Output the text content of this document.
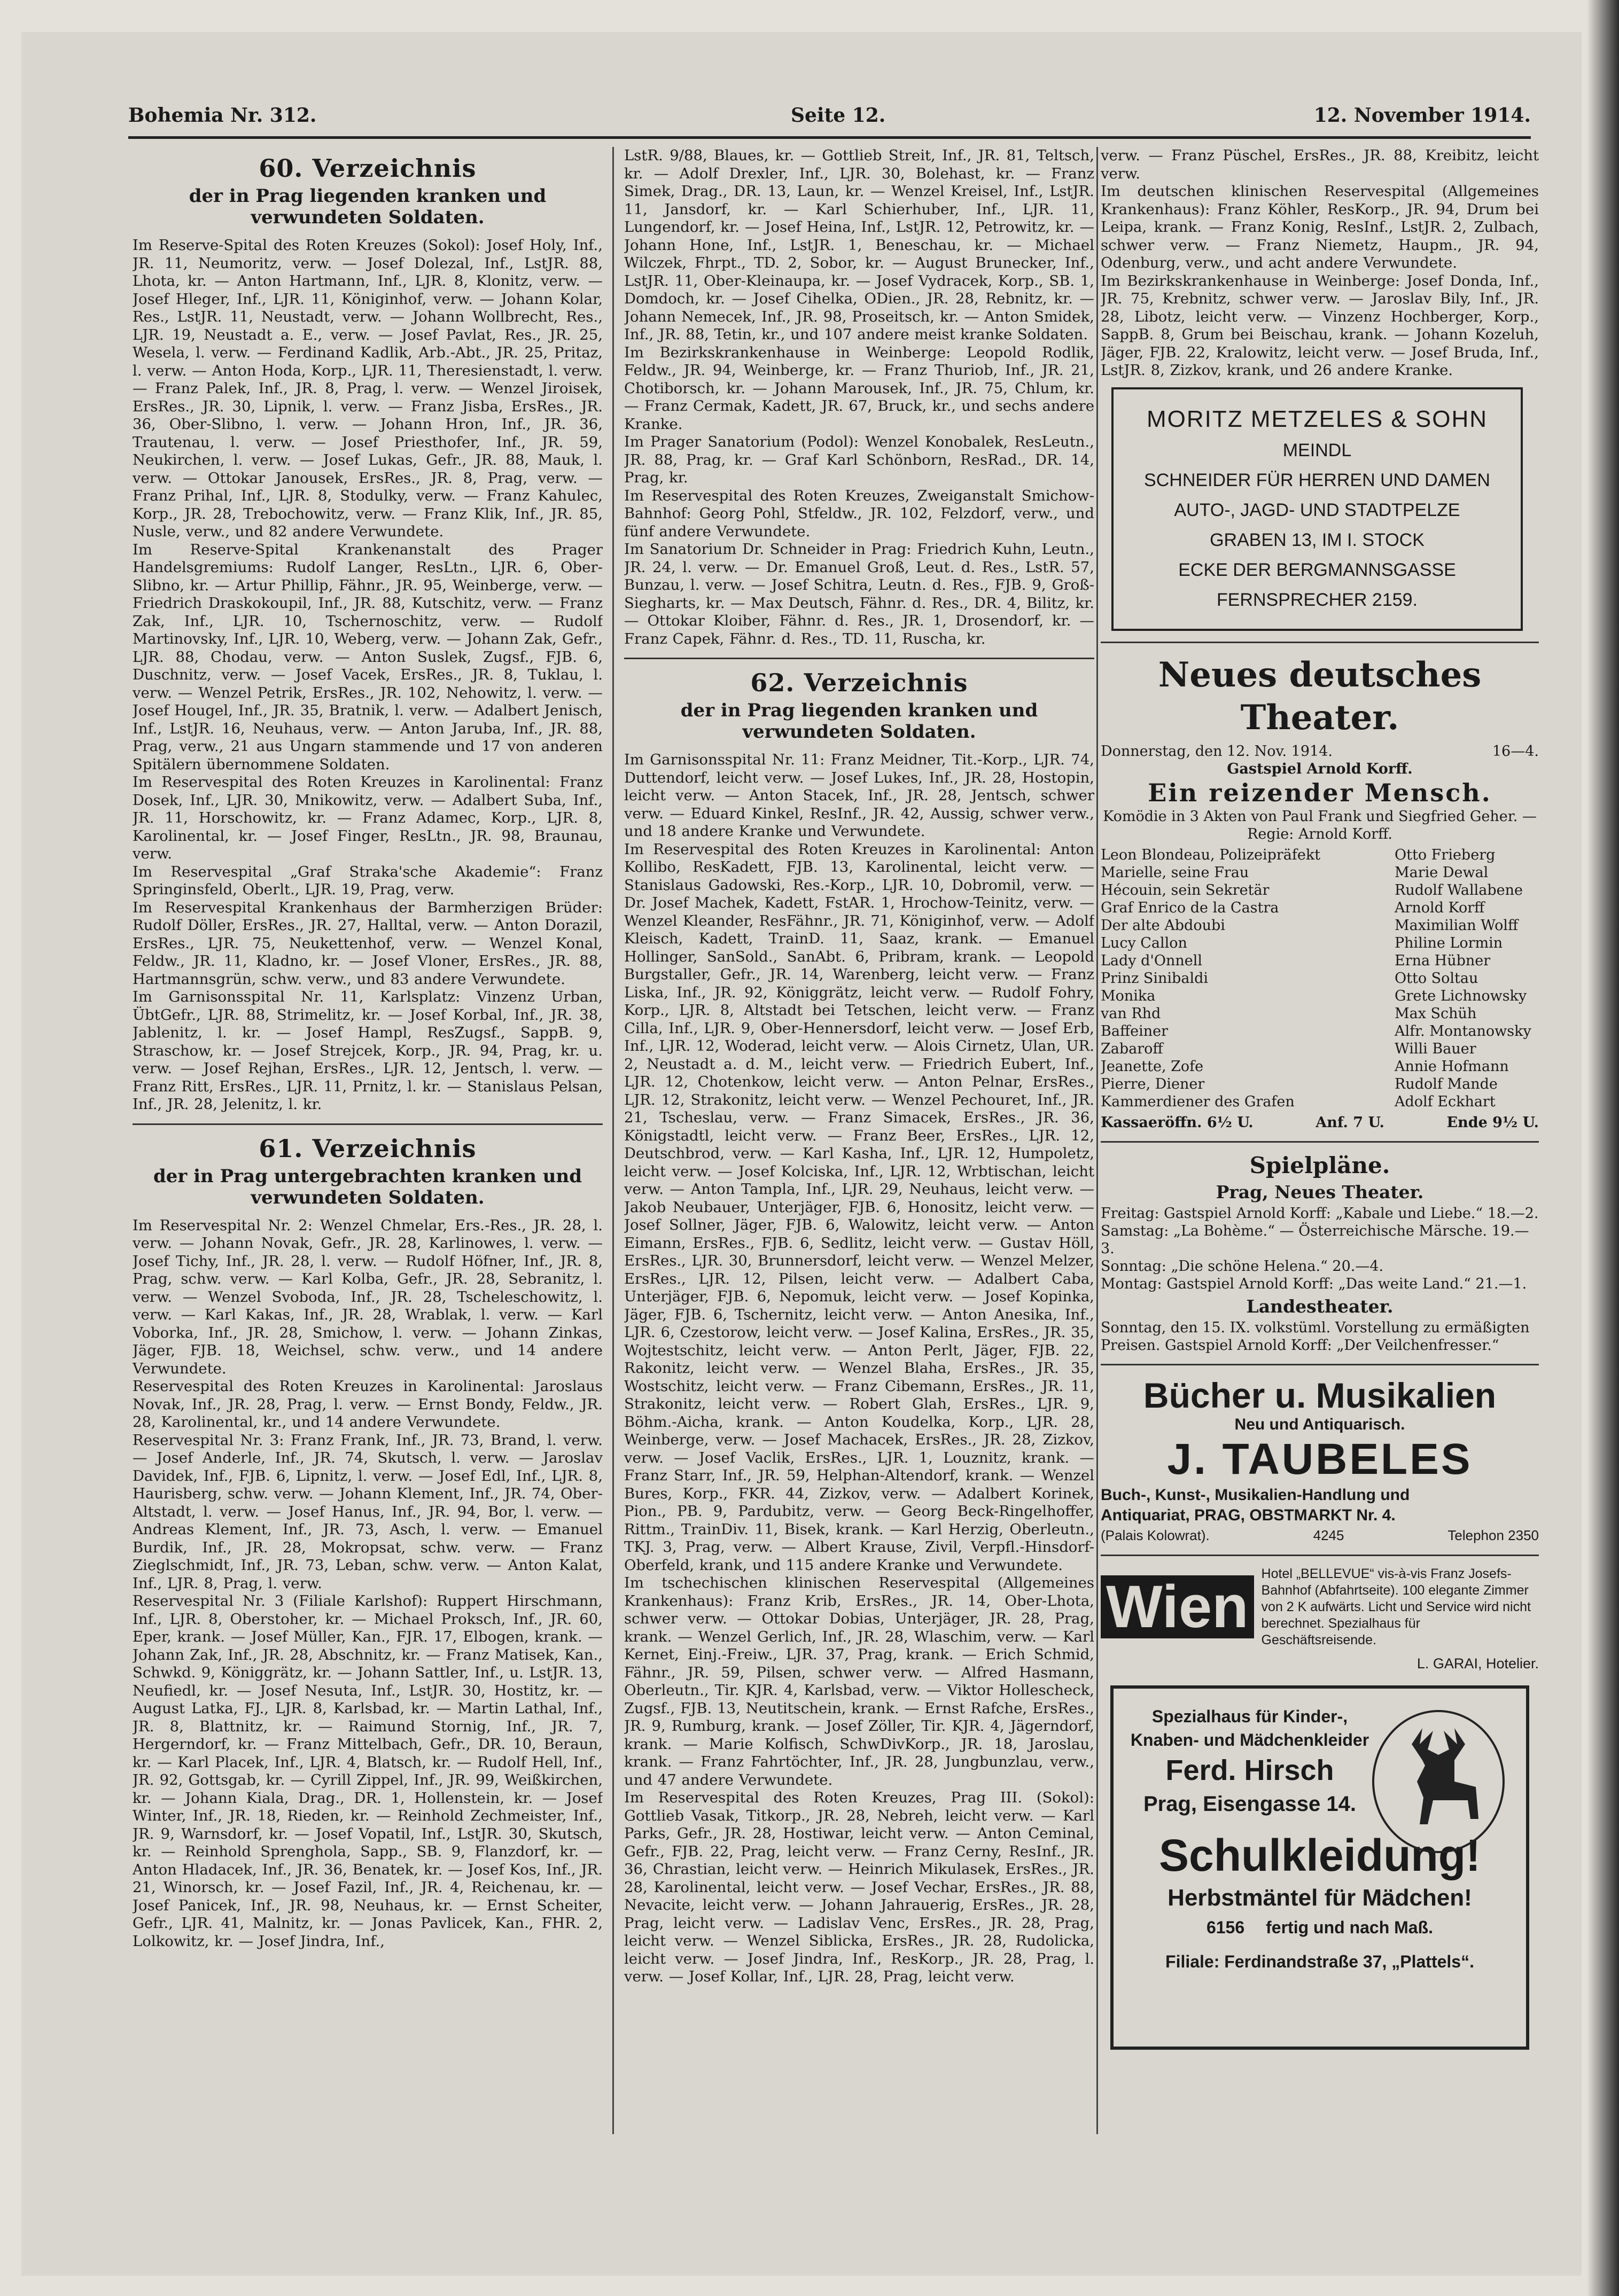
Bohemia Nr. 312.	Seite 12.	12. November 1914.
60. Verzeichnis
der in Prag liegenden kranken und verwundeten Soldaten.

Im Reserve-Spital des Roten Kreuzes (Sokol): Josef Holy, Inf., JR. 11, Neumoritz, verw. — Josef Dolezal, Inf., LstJR. 88, Lhota, kr. — Anton Hartmann, Inf., LJR. 8, Klonitz, verw. — Josef Hleger, Inf., LJR. 11, Königinhof, verw. — Johann Kolar, Res., LstJR. 11, Neustadt, verw. — Johann Wollbrecht, Res., LJR. 19, Neustadt a. E., verw. — Josef Pavlat, Res., JR. 25, Wesela, l. verw. — Ferdinand Kadlik, Arb.-Abt., JR. 25, Pritaz, l. verw. — Anton Hoda, Korp., LJR. 11, Theresienstadt, l. verw. — Franz Palek, Inf., JR. 8, Prag, l. verw. — Wenzel Jiroisek, ErsRes., JR. 30, Lipnik, l. verw. — Franz Jisba, ErsRes., JR. 36, Ober-Slibno, l. verw. — Johann Hron, Inf., JR. 36, Trautenau, l. verw. — Josef Priesthofer, Inf., JR. 59, Neukirchen, l. verw. — Josef Lukas, Gefr., JR. 88, Mauk, l. verw. — Ottokar Janousek, ErsRes., JR. 8, Prag, verw. — Franz Prihal, Inf., LJR. 8, Stodulky, verw. — Franz Kahulec, Korp., JR. 28, Trebochowitz, verw. — Franz Klik, Inf., JR. 85, Nusle, verw., und 82 andere Verwundete.

Im Reserve-Spital Krankenanstalt des Prager Handelsgremiums: Rudolf Langer, ResLtn., LJR. 6, Ober-Slibno, kr. — Artur Phillip, Fähnr., JR. 95, Weinberge, verw. — Friedrich Draskokoupil, Inf., JR. 88, Kutschitz, verw. — Franz Zak, Inf., LJR. 10, Tschernoschitz, verw. — Rudolf Martinovsky, Inf., LJR. 10, Weberg, verw. — Johann Zak, Gefr., LJR. 88, Chodau, verw. — Anton Suslek, Zugsf., FJB. 6, Duschnitz, verw. — Josef Vacek, ErsRes., JR. 8, Tuklau, l. verw. — Wenzel Petrik, ErsRes., JR. 102, Nehowitz, l. verw. — Josef Hougel, Inf., JR. 35, Bratnik, l. verw. — Adalbert Jenisch, Inf., LstJR. 16, Neuhaus, verw. — Anton Jaruba, Inf., JR. 88, Prag, verw., 21 aus Ungarn stammende und 17 von anderen Spitälern übernommene Soldaten.

Im Reservespital des Roten Kreuzes in Karolinental: Franz Dosek, Inf., LJR. 30, Mnikowitz, verw. — Adalbert Suba, Inf., JR. 11, Horschowitz, kr. — Franz Adamec, Korp., LJR. 8, Karolinental, kr. — Josef Finger, ResLtn., JR. 98, Braunau, verw.

Im Reservespital „Graf Straka'sche Akademie“: Franz Springinsfeld, Oberlt., LJR. 19, Prag, verw.

Im Reservespital Krankenhaus der Barmherzigen Brüder: Rudolf Döller, ErsRes., JR. 27, Halltal, verw. — Anton Dorazil, ErsRes., LJR. 75, Neukettenhof, verw. — Wenzel Konal, Feldw., JR. 11, Kladno, kr. — Josef Vloner, ErsRes., JR. 88, Hartmannsgrün, schw. verw., und 83 andere Verwundete.

Im Garnisonsspital Nr. 11, Karlsplatz: Vinzenz Urban, ÜbtGefr., LJR. 88, Strimelitz, kr. — Josef Korbal, Inf., JR. 38, Jablenitz, l. kr. — Josef Hampl, ResZugsf., SappB. 9, Straschow, kr. — Josef Strejcek, Korp., JR. 94, Prag, kr. u. verw. — Josef Rejhan, ErsRes., LJR. 12, Jentsch, l. verw. — Franz Ritt, ErsRes., LJR. 11, Prnitz, l. kr. — Stanislaus Pelsan, Inf., JR. 28, Jelenitz, l. kr.

61. Verzeichnis
der in Prag untergebrachten kranken und verwundeten Soldaten.

Im Reservespital Nr. 2: Wenzel Chmelar, Ers.-Res., JR. 28, l. verw. — Johann Novak, Gefr., JR. 28, Karlinowes, l. verw. — Josef Tichy, Inf., JR. 28, l. verw. — Rudolf Höfner, Inf., JR. 8, Prag, schw. verw. — Karl Kolba, Gefr., JR. 28, Sebranitz, l. verw. — Wenzel Svoboda, Inf., JR. 28, Tscheleschowitz, l. verw. — Karl Kakas, Inf., JR. 28, Wrablak, l. verw. — Karl Voborka, Inf., JR. 28, Smichow, l. verw. — Johann Zinkas, Jäger, FJB. 18, Weichsel, schw. verw., und 14 andere Verwundete.

Reservespital des Roten Kreuzes in Karolinental: Jaroslaus Novak, Inf., JR. 28, Prag, l. verw. — Ernst Bondy, Feldw., JR. 28, Karolinental, kr., und 14 andere Verwundete.

Reservespital Nr. 3: Franz Frank, Inf., JR. 73, Brand, l. verw. — Josef Anderle, Inf., JR. 74, Skutsch, l. verw. — Jaroslav Davidek, Inf., FJB. 6, Lipnitz, l. verw. — Josef Edl, Inf., LJR. 8, Haurisberg, schw. verw. — Johann Klement, Inf., JR. 74, Ober-Altstadt, l. verw. — Josef Hanus, Inf., JR. 94, Bor, l. verw. — Andreas Klement, Inf., JR. 73, Asch, l. verw. — Emanuel Burdik, Inf., JR. 28, Mokropsat, schw. verw. — Franz Zieglschmidt, Inf., JR. 73, Leban, schw. verw. — Anton Kalat, Inf., LJR. 8, Prag, l. verw.

Reservespital Nr. 3 (Filiale Karlshof): Ruppert Hirschmann, Inf., LJR. 8, Oberstoher, kr. — Michael Proksch, Inf., JR. 60, Eper, krank. — Josef Müller, Kan., FJR. 17, Elbogen, krank. — Johann Zak, Inf., JR. 28, Abschnitz, kr. — Franz Matisek, Kan., Schwkd. 9, Königgrätz, kr. — Johann Sattler, Inf., u. LstJR. 13, Neufiedl, kr. — Josef Nesuta, Inf., LstJR. 30, Hostitz, kr. — August Latka, FJ., LJR. 8, Karlsbad, kr. — Martin Lathal, Inf., JR. 8, Blattnitz, kr. — Raimund Stornig, Inf., JR. 7, Hergerndorf, kr. — Franz Mittelbach, Gefr., DR. 10, Beraun, kr. — Karl Placek, Inf., LJR. 4, Blatsch, kr. — Rudolf Hell, Inf., JR. 92, Gottsgab, kr. — Cyrill Zippel, Inf., JR. 99, Weißkirchen, kr. — Johann Kiala, Drag., DR. 1, Hollenstein, kr. — Josef Winter, Inf., JR. 18, Rieden, kr. — Reinhold Zechmeister, Inf., JR. 9, Warnsdorf, kr. — Josef Vopatil, Inf., LstJR. 30, Skutsch, kr. — Reinhold Sprenghola, Sapp., SB. 9, Flanzdorf, kr. — Anton Hladacek, Inf., JR. 36, Benatek, kr. — Josef Kos, Inf., JR. 21, Winorsch, kr. — Josef Fazil, Inf., JR. 4, Reichenau, kr. — Josef Panicek, Inf., JR. 98, Neuhaus, kr. — Ernst Scheiter, Gefr., LJR. 41, Malnitz, kr. — Jonas Pavlicek, Kan., FHR. 2, Lolkowitz, kr. — Josef Jindra, Inf.,

LstR. 9/88, Blaues, kr. — Gottlieb Streit, Inf., JR. 81, Teltsch, kr. — Adolf Drexler, Inf., LJR. 30, Bolehast, kr. — Franz Simek, Drag., DR. 13, Laun, kr. — Wenzel Kreisel, Inf., LstJR. 11, Jansdorf, kr. — Karl Schierhuber, Inf., LJR. 11, Lungendorf, kr. — Josef Heina, Inf., LstJR. 12, Petrowitz, kr. — Johann Hone, Inf., LstJR. 1, Beneschau, kr. — Michael Wilczek, Fhrpt., TD. 2, Sobor, kr. — August Brunecker, Inf., LstJR. 11, Ober-Kleinaupa, kr. — Josef Vydracek, Korp., SB. 1, Domdoch, kr. — Josef Cihelka, ODien., JR. 28, Rebnitz, kr. — Johann Nemecek, Inf., JR. 98, Proseitsch, kr. — Anton Smidek, Inf., JR. 88, Tetin, kr., und 107 andere meist kranke Soldaten.

Im Bezirkskrankenhause in Weinberge: Leopold Rodlik, Feldw., JR. 94, Weinberge, kr. — Franz Thuriob, Inf., JR. 21, Chotiborsch, kr. — Johann Marousek, Inf., JR. 75, Chlum, kr. — Franz Cermak, Kadett, JR. 67, Bruck, kr., und sechs andere Kranke.

Im Prager Sanatorium (Podol): Wenzel Konobalek, ResLeutn., JR. 88, Prag, kr. — Graf Karl Schönborn, ResRad., DR. 14, Prag, kr.

Im Reservespital des Roten Kreuzes, Zweiganstalt Smichow-Bahnhof: Georg Pohl, Stfeldw., JR. 102, Felzdorf, verw., und fünf andere Verwundete.

Im Sanatorium Dr. Schneider in Prag: Friedrich Kuhn, Leutn., JR. 24, l. verw. — Dr. Emanuel Groß, Leut. d. Res., LstR. 57, Bunzau, l. verw. — Josef Schitra, Leutn. d. Res., FJB. 9, Groß-Siegharts, kr. — Max Deutsch, Fähnr. d. Res., DR. 4, Bilitz, kr. — Ottokar Kloiber, Fähnr. d. Res., JR. 1, Drosendorf, kr. — Franz Capek, Fähnr. d. Res., TD. 11, Ruscha, kr.

62. Verzeichnis
der in Prag liegenden kranken und verwundeten Soldaten.

Im Garnisonsspital Nr. 11: Franz Meidner, Tit.-Korp., LJR. 74, Duttendorf, leicht verw. — Josef Lukes, Inf., JR. 28, Hostopin, leicht verw. — Anton Stacek, Inf., JR. 28, Jentsch, schwer verw. — Eduard Kinkel, ResInf., JR. 42, Aussig, schwer verw., und 18 andere Kranke und Verwundete.

Im Reservespital des Roten Kreuzes in Karolinental: Anton Kollibo, ResKadett, FJB. 13, Karolinental, leicht verw. — Stanislaus Gadowski, Res.-Korp., LJR. 10, Dobromil, verw. — Dr. Josef Machek, Kadett, FstAR. 1, Hrochow-Teinitz, verw. — Wenzel Kleander, ResFähnr., JR. 71, Königinhof, verw. — Adolf Kleisch, Kadett, TrainD. 11, Saaz, krank. — Emanuel Hollinger, SanSold., SanAbt. 6, Pribram, krank. — Leopold Burgstaller, Gefr., JR. 14, Warenberg, leicht verw. — Franz Liska, Inf., JR. 92, Königgrätz, leicht verw. — Rudolf Fohry, Korp., LJR. 8, Altstadt bei Tetschen, leicht verw. — Franz Cilla, Inf., LJR. 9, Ober-Hennersdorf, leicht verw. — Josef Erb, Inf., LJR. 12, Woderad, leicht verw. — Alois Cirnetz, Ulan, UR. 2, Neustadt a. d. M., leicht verw. — Friedrich Eubert, Inf., LJR. 12, Chotenkow, leicht verw. — Anton Pelnar, ErsRes., LJR. 12, Strakonitz, leicht verw. — Wenzel Pechouret, Inf., JR. 21, Tscheslau, verw. — Franz Simacek, ErsRes., JR. 36, Königstadtl, leicht verw. — Franz Beer, ErsRes., LJR. 12, Deutschbrod, verw. — Karl Kasha, Inf., LJR. 12, Humpoletz, leicht verw. — Josef Kolciska, Inf., LJR. 12, Wrbtischan, leicht verw. — Anton Tampla, Inf., LJR. 29, Neuhaus, leicht verw. — Jakob Neubauer, Unterjäger, FJB. 6, Honositz, leicht verw. — Josef Sollner, Jäger, FJB. 6, Walowitz, leicht verw. — Anton Eimann, ErsRes., FJB. 6, Sedlitz, leicht verw. — Gustav Höll, ErsRes., LJR. 30, Brunnersdorf, leicht verw. — Wenzel Melzer, ErsRes., LJR. 12, Pilsen, leicht verw. — Adalbert Caba, Unterjäger, FJB. 6, Nepomuk, leicht verw. — Josef Kopinka, Jäger, FJB. 6, Tschernitz, leicht verw. — Anton Anesika, Inf., LJR. 6, Czestorow, leicht verw. — Josef Kalina, ErsRes., JR. 35, Wojtestschitz, leicht verw. — Anton Perlt, Jäger, FJB. 22, Rakonitz, leicht verw. — Wenzel Blaha, ErsRes., JR. 35, Wostschitz, leicht verw. — Franz Cibemann, ErsRes., JR. 11, Strakonitz, leicht verw. — Robert Glah, ErsRes., LJR. 9, Böhm.-Aicha, krank. — Anton Koudelka, Korp., LJR. 28, Weinberge, verw. — Josef Machacek, ErsRes., JR. 28, Zizkov, verw. — Josef Vaclik, ErsRes., LJR. 1, Louznitz, krank. — Franz Starr, Inf., JR. 59, Helphan-Altendorf, krank. — Wenzel Bures, Korp., FKR. 44, Zizkov, verw. — Adalbert Korinek, Pion., PB. 9, Pardubitz, verw. — Georg Beck-Ringelhoffer, Rittm., TrainDiv. 11, Bisek, krank. — Karl Herzig, Oberleutn., TKJ. 3, Prag, verw. — Albert Krause, Zivil, Verpfl.-Hinsdorf-Oberfeld, krank, und 115 andere Kranke und Verwundete.

Im tschechischen klinischen Reservespital (Allgemeines Krankenhaus): Franz Krib, ErsRes., JR. 14, Ober-Lhota, schwer verw. — Ottokar Dobias, Unterjäger, JR. 28, Prag, krank. — Wenzel Gerlich, Inf., JR. 28, Wlaschim, verw. — Karl Kernet, Einj.-Freiw., LJR. 37, Prag, krank. — Erich Schmid, Fähnr., JR. 59, Pilsen, schwer verw. — Alfred Hasmann, Oberleutn., Tir. KJR. 4, Karlsbad, verw. — Viktor Hollescheck, Zugsf., FJB. 13, Neutitschein, krank. — Ernst Rafche, ErsRes., JR. 9, Rumburg, krank. — Josef Zöller, Tir. KJR. 4, Jägerndorf, krank. — Marie Kolfisch, SchwDivKorp., JR. 18, Jaroslau, krank. — Franz Fahrtöchter, Inf., JR. 28, Jungbunzlau, verw., und 47 andere Verwundete.

Im Reservespital des Roten Kreuzes, Prag III. (Sokol): Gottlieb Vasak, Titkorp., JR. 28, Nebreh, leicht verw. — Karl Parks, Gefr., JR. 28, Hostiwar, leicht verw. — Anton Ceminal, Gefr., FJB. 22, Prag, leicht verw. — Franz Cerny, ResInf., JR. 36, Chrastian, leicht verw. — Heinrich Mikulasek, ErsRes., JR. 28, Karolinental, leicht verw. — Josef Vechar, ErsRes., JR. 88, Nevacite, leicht verw. — Johann Jahrauerig, ErsRes., JR. 28, Prag, leicht verw. — Ladislav Venc, ErsRes., JR. 28, Prag, leicht verw. — Wenzel Siblicka, ErsRes., JR. 28, Rudolicka, leicht verw. — Josef Jindra, Inf., ResKorp., JR. 28, Prag, l. verw. — Josef Kollar, Inf., LJR. 28, Prag, leicht verw.

verw. — Franz Püschel, ErsRes., JR. 88, Kreibitz, leicht verw.

Im deutschen klinischen Reservespital (Allgemeines Krankenhaus): Franz Köhler, ResKorp., JR. 94, Drum bei Leipa, krank. — Franz Konig, ResInf., LstJR. 2, Zulbach, schwer verw. — Franz Niemetz, Haupm., JR. 94, Odenburg, verw., und acht andere Verwundete.

Im Bezirkskrankenhause in Weinberge: Josef Donda, Inf., JR. 75, Krebnitz, schwer verw. — Jaroslav Bily, Inf., JR. 28, Libotz, leicht verw. — Vinzenz Hochberger, Korp., SappB. 8, Grum bei Beischau, krank. — Johann Kozeluh, Jäger, FJB. 22, Kralowitz, leicht verw. — Josef Bruda, Inf., LstJR. 8, Zizkov, krank, und 26 andere Kranke.

MORITZ METZELES & SOHN
MEINDL
SCHNEIDER FÜR HERREN UND DAMEN
AUTO-, JAGD- UND STADTPELZE
GRABEN 13, IM I. STOCK
ECKE DER BERGMANNSGASSE
FERNSPRECHER 2159.
Neues deutsches Theater.
Donnerstag, den 12. Nov. 1914.	16—4.
Gastspiel Arnold Korff.
Ein reizender Mensch.
Komödie in 3 Akten von Paul Frank und Siegfried Geher. — Regie: Arnold Korff.
Leon Blondeau, Polizeipräfekt	Otto Frieberg
Marielle, seine Frau	Marie Dewal
Hécouin, sein Sekretär	Rudolf Wallabene
Graf Enrico de la Castra	Arnold Korff
Der alte Abdoubi	Maximilian Wolff
Lucy Callon	Philine Lormin
Lady d'Onnell	Erna Hübner
Prinz Sinibaldi	Otto Soltau
Monika	Grete Lichnowsky
van Rhd	Max Schüh
Baffeiner	Alfr. Montanowsky
Zabaroff	Willi Bauer
Jeanette, Zofe	Annie Hofmann
Pierre, Diener	Rudolf Mande
Kammerdiener des Grafen	Adolf Eckhart
Kassaeröffn. 6½ U.	Anf. 7 U.	Ende 9½ U.
Spielpläne.
Prag, Neues Theater.
Freitag: Gastspiel Arnold Korff: „Kabale und Liebe.“ 18.—2.
Samstag: „La Bohème.“ — Österreichische Märsche. 19.—3.
Sonntag: „Die schöne Helena.“ 20.—4.
Montag: Gastspiel Arnold Korff: „Das weite Land.“ 21.—1.
Landestheater.
Sonntag, den 15. IX. volkstüml. Vorstellung zu ermäßigten Preisen. Gastspiel Arnold Korff: „Der Veilchenfresser.“
Bücher u. Musikalien
Neu und Antiquarisch.
J. TAUBELES
Buch-, Kunst-, Musikalien-Handlung und
Antiquariat, PRAG, OBSTMARKT Nr. 4.
(Palais Kolowrat).	4245	Telephon 2350
Wien Hotel „BELLEVUE“ vis-à-vis Franz Josefs-Bahnhof (Abfahrtseite). 100 elegante Zimmer von 2 K aufwärts. Licht und Service wird nicht berechnet. Spezialhaus für Geschäftsreisende.
L. GARAI, Hotelier.
Spezialhaus für Kinder-,
Knaben- und Mädchenkleider
Ferd. Hirsch
Prag, Eisengasse 14.
Schulkleidung!
Herbstmäntel für Mädchen!
6156 fertig und nach Maß.
Filiale: Ferdinandstraße 37, „Plattels“.
